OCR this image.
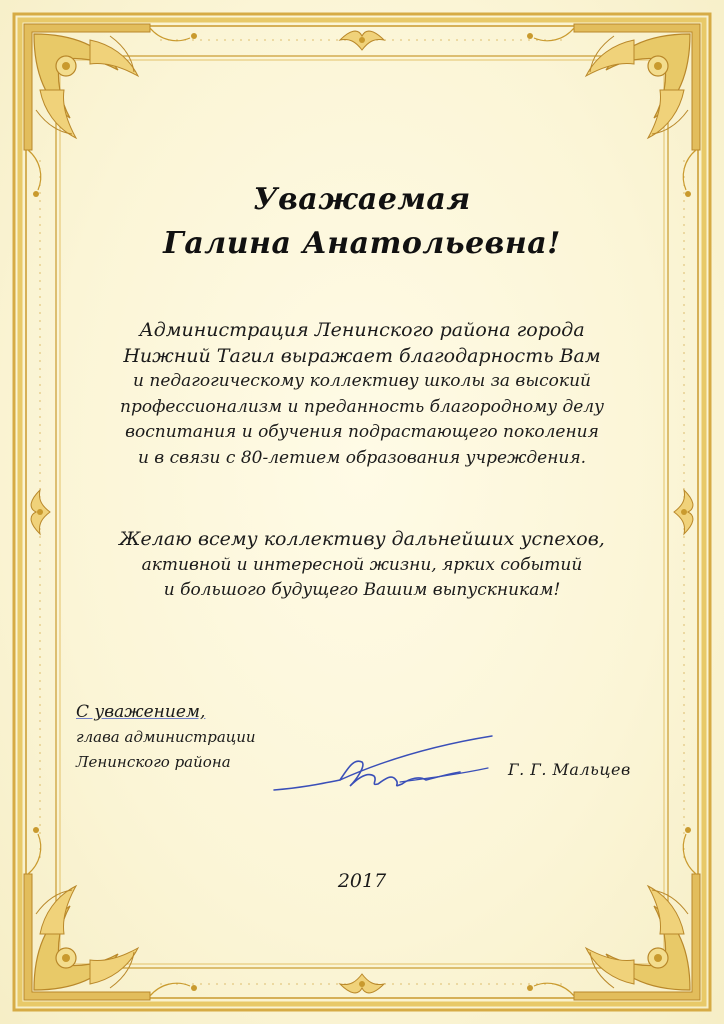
Уважаемая
Галина Анатольевна!
Администрация Ленинского района города
Нижний Тагил выражает благодарность Вам
и педагогическому коллективу школы за высокий
профессионализм и преданность благородному делу
воспитания и обучения подрастающего поколения
и в связи с 80-летием образования учреждения.
Желаю всему коллективу дальнейших успехов,
активной и интересной жизни, ярких событий
и большого будущего Вашим выпускникам!
С уважением,
глава администрации
Ленинского района	Г. Г. Мальцев
2017
